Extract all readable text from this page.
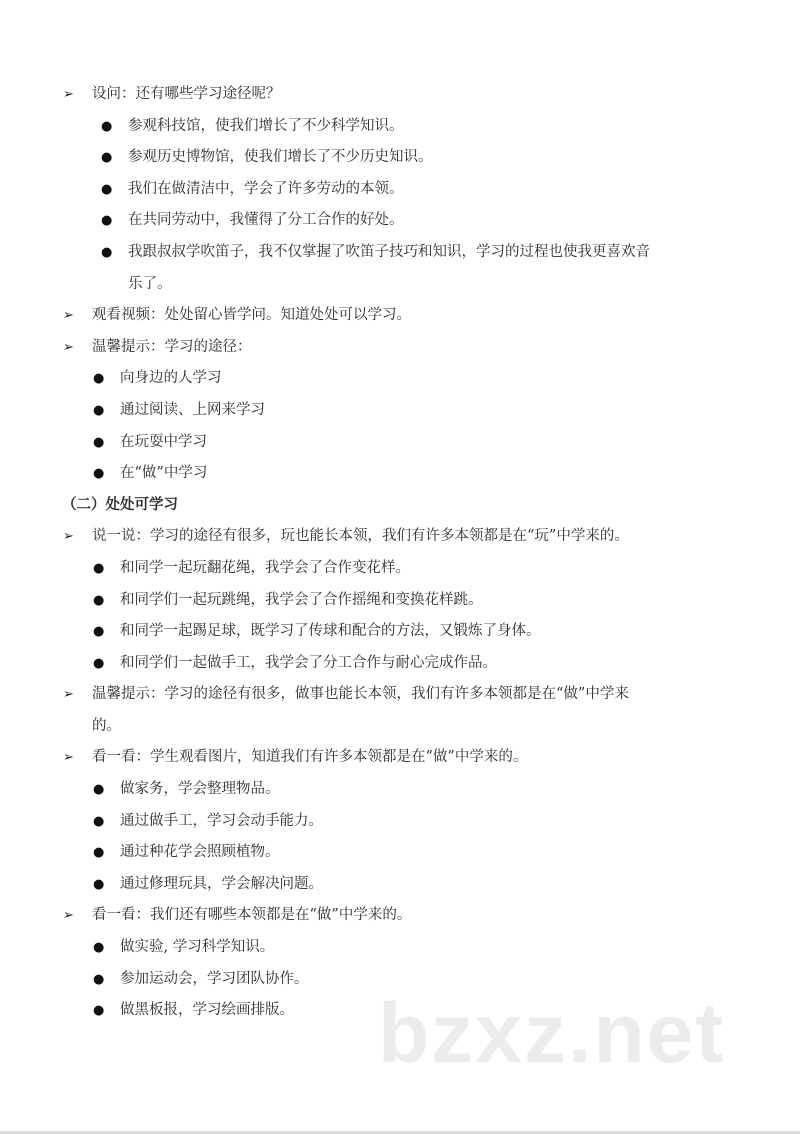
➢ 设问：还有哪些学习途径呢？
● 参观科技馆，使我们增长了不少科学知识。
● 参观历史博物馆，使我们增长了不少历史知识。
● 我们在做清洁中，学会了许多劳动的本领。
● 在共同劳动中，我懂得了分工合作的好处。
● 我跟叔叔学吹笛子，我不仅掌握了吹笛子技巧和知识，学习的过程也使我更喜欢音
乐了。
➢ 观看视频：处处留心皆学问。知道处处可以学习。
➢ 温馨提示：学习的途径：
● 向身边的人学习
● 通过阅读、上网来学习
● 在玩耍中学习
● 在“做”中学习
（二）处处可学习
➢ 说一说：学习的途径有很多，玩也能长本领，我们有许多本领都是在“玩”中学来的。
● 和同学一起玩翻花绳，我学会了合作变花样。
● 和同学们一起玩跳绳，我学会了合作摇绳和变换花样跳。
● 和同学一起踢足球，既学习了传球和配合的方法，又锻炼了身体。
● 和同学们一起做手工，我学会了分工合作与耐心完成作品。
➢ 温馨提示：学习的途径有很多，做事也能长本领，我们有许多本领都是在“做”中学来
的。
➢ 看一看：学生观看图片，知道我们有许多本领都是在“做”中学来的。
● 做家务，学会整理物品。
● 通过做手工，学习会动手能力。
● 通过种花学会照顾植物。
● 通过修理玩具，学会解决问题。
➢ 看一看：我们还有哪些本领都是在“做”中学来的。
● 做实验, 学习科学知识。
● 参加运动会，学习团队协作。
● 做黑板报，学习绘画排版。 bzxz.net
